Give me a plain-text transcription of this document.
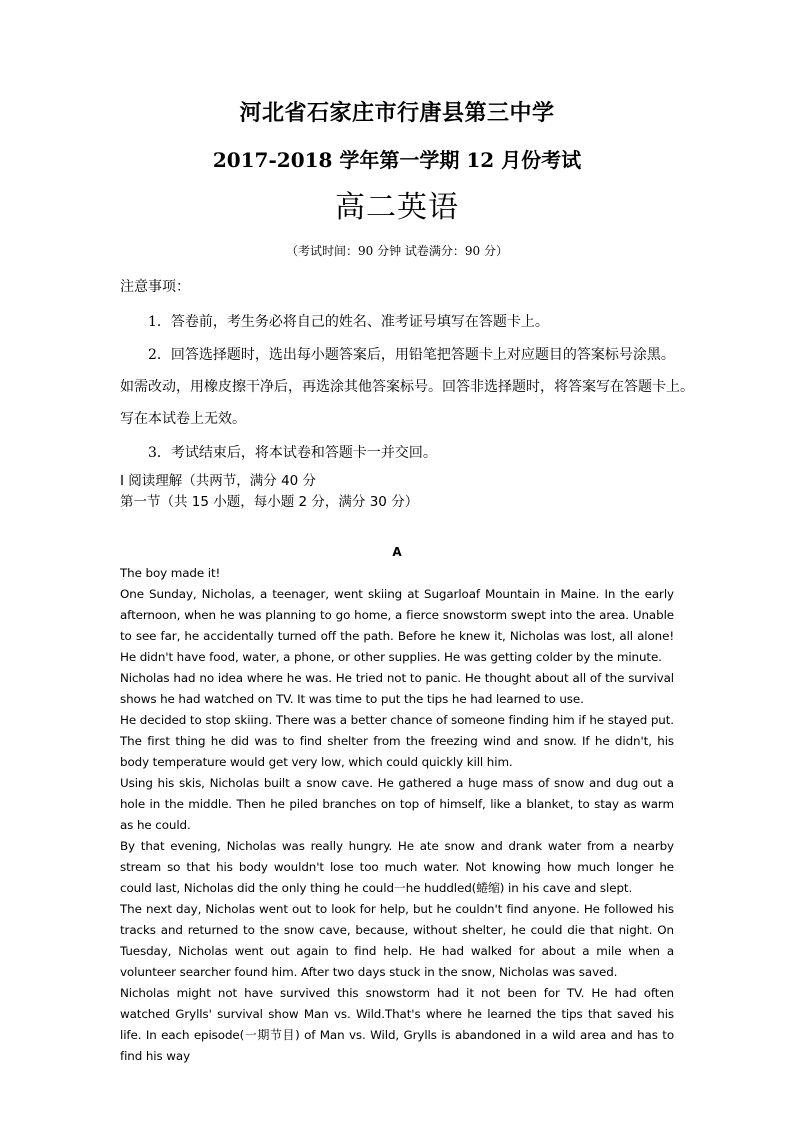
河北省石家庄市行唐县第三中学
2017-2018 学年第一学期 12 月份考试
高二英语
（考试时间：90 分钟 试卷满分：90 分）
注意事项：
1．答卷前，考生务必将自己的姓名、准考证号填写在答题卡上。
2．回答选择题时，选出每小题答案后，用铅笔把答题卡上对应题目的答案标号涂黑。
如需改动，用橡皮擦干净后，再选涂其他答案标号。回答非选择题时，将答案写在答题卡上。
写在本试卷上无效。
3．考试结束后，将本试卷和答题卡一并交回。
I 阅读理解（共两节，满分 40 分
第一节（共 15 小题，每小题 2 分，满分 30 分）
A

The boy made it!

One Sunday, Nicholas, a teenager, went skiing at Sugarloaf Mountain in Maine. In the early afternoon, when he was planning to go home, a fierce snowstorm swept into the area. Unable to see far, he accidentally turned off the path. Before he knew it, Nicholas was lost, all alone! He didn't have food, water, a phone, or other supplies. He was getting colder by the minute.

Nicholas had no idea where he was. He tried not to panic. He thought about all of the survival shows he had watched on TV. It was time to put the tips he had learned to use.

He decided to stop skiing. There was a better chance of someone finding him if he stayed put. The first thing he did was to find shelter from the freezing wind and snow. If he didn't, his body temperature would get very low, which could quickly kill him.

Using his skis, Nicholas built a snow cave. He gathered a huge mass of snow and dug out a hole in the middle. Then he piled branches on top of himself, like a blanket, to stay as warm as he could.

By that evening, Nicholas was really hungry. He ate snow and drank water from a nearby stream so that his body wouldn't lose too much water. Not knowing how much longer he could last, Nicholas did the only thing he could一he huddled(蜷缩) in his cave and slept.

The next day, Nicholas went out to look for help, but he couldn't find anyone. He followed his tracks and returned to the snow cave, because, without shelter, he could die that night. On Tuesday, Nicholas went out again to find help. He had walked for about a mile when a volunteer searcher found him. After two days stuck in the snow, Nicholas was saved.

Nicholas might not have survived this snowstorm had it not been for TV. He had often watched Grylls' survival show Man vs. Wild.That's where he learned the tips that saved his life. In each episode(一期节目) of Man vs. Wild, Grylls is abandoned in a wild area and has to find his way
